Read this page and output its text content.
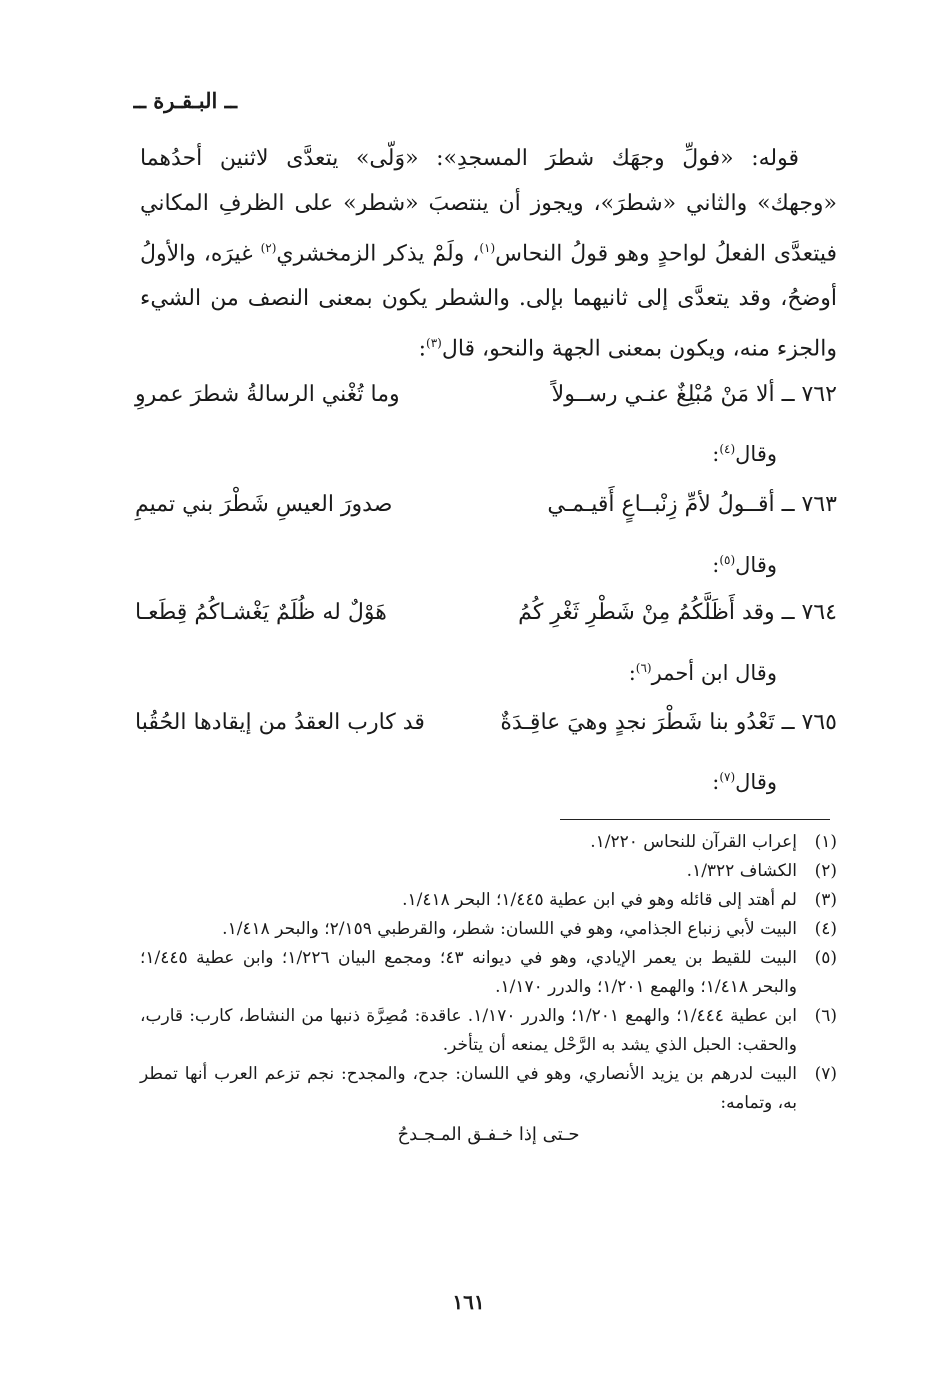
ــ البـقـرة ــ

قوله: «فولِّ وجهَك شطرَ المسجدِ»: «وَلّى» يتعدَّى لاثنين أحدُهما «وجهك» والثاني «شطرَ»، ويجوز أن ينتصبَ «شطر» على الظرفِ المكاني فيتعدَّى الفعلُ لواحدٍ وهو قولُ النحاس$^{(١)}$، ولَمْ يذكر الزمخشري$^{(٢)}$ غيرَه، والأولُ أوضحُ، وقد يتعدَّى إلى ثانيهما بإلى. والشطر يكون بمعنى النصف من الشيء والجزء منه، ويكون بمعنى الجهة والنحو، قال$^{(٣)}$:

٧٦٢ ــ ألا مَنْ مُبْلِغٌ عنـي رســولاً
وما تُغْني الرسالةُ شطرَ عمروِ
وقال$^{(٤)}$:
٧٦٣ ــ أقــولُ لأمِّ زِنْبــاعٍ أَقيـمـي
صدورَ العيسِ شَطْرَ بني تميمِ
وقال$^{(٥)}$:
٧٦٤ ــ وقد أَظَلَّكُمُ مِنْ شَطْرِ ثَغْرِ كُمُ
هَوْلٌ له ظُلَمٌ يَغْشـاكُمُ قِطَعـا
وقال ابن أحمر$^{(٦)}$:
٧٦٥ ــ تَعْدُو بنا شَطْرَ نجدٍ وهيَ عاقِـدَةٌ
قد كارب العقدُ من إيقادها الحُقُبا
وقال$^{(٧)}$:

(١)
إعراب القرآن للنحاس ١/٢٢٠.

(٢)
الكشاف ١/٣٢٢.

(٣)
لم أهتد إلى قائله وهو في ابن عطية ١/٤٤٥؛ البحر ١/٤١٨.

(٤)
البيت لأبي زنباع الجذامي، وهو في اللسان: شطر، والقرطبي ٢/١٥٩؛ والبحر ١/٤١٨.

(٥)
البيت للقيط بن يعمر الإيادي، وهو في ديوانه ٤٣؛ ومجمع البيان ١/٢٢٦؛ وابن عطية ١/٤٤٥؛ والبحر ١/٤١٨؛ والهمع ١/٢٠١؛ والدرر ١/١٧٠.

(٦)
ابن عطية ١/٤٤٤؛ والهمع ١/٢٠١؛ والدرر ١/١٧٠. عاقدة: مُصِرَّة ذنبها من النشاط، كارب: قارب، والحقب: الحبل الذي يشد به الرَّحْل يمنعه أن يتأخر.

(٧)
البيت لدرهم بن يزيد الأنصاري، وهو في اللسان: جدح، والمجدح: نجم تزعم العرب أنها تمطر به، وتمامه:

حـتى إذا خـفـق المـجـدحُ

١٦١
